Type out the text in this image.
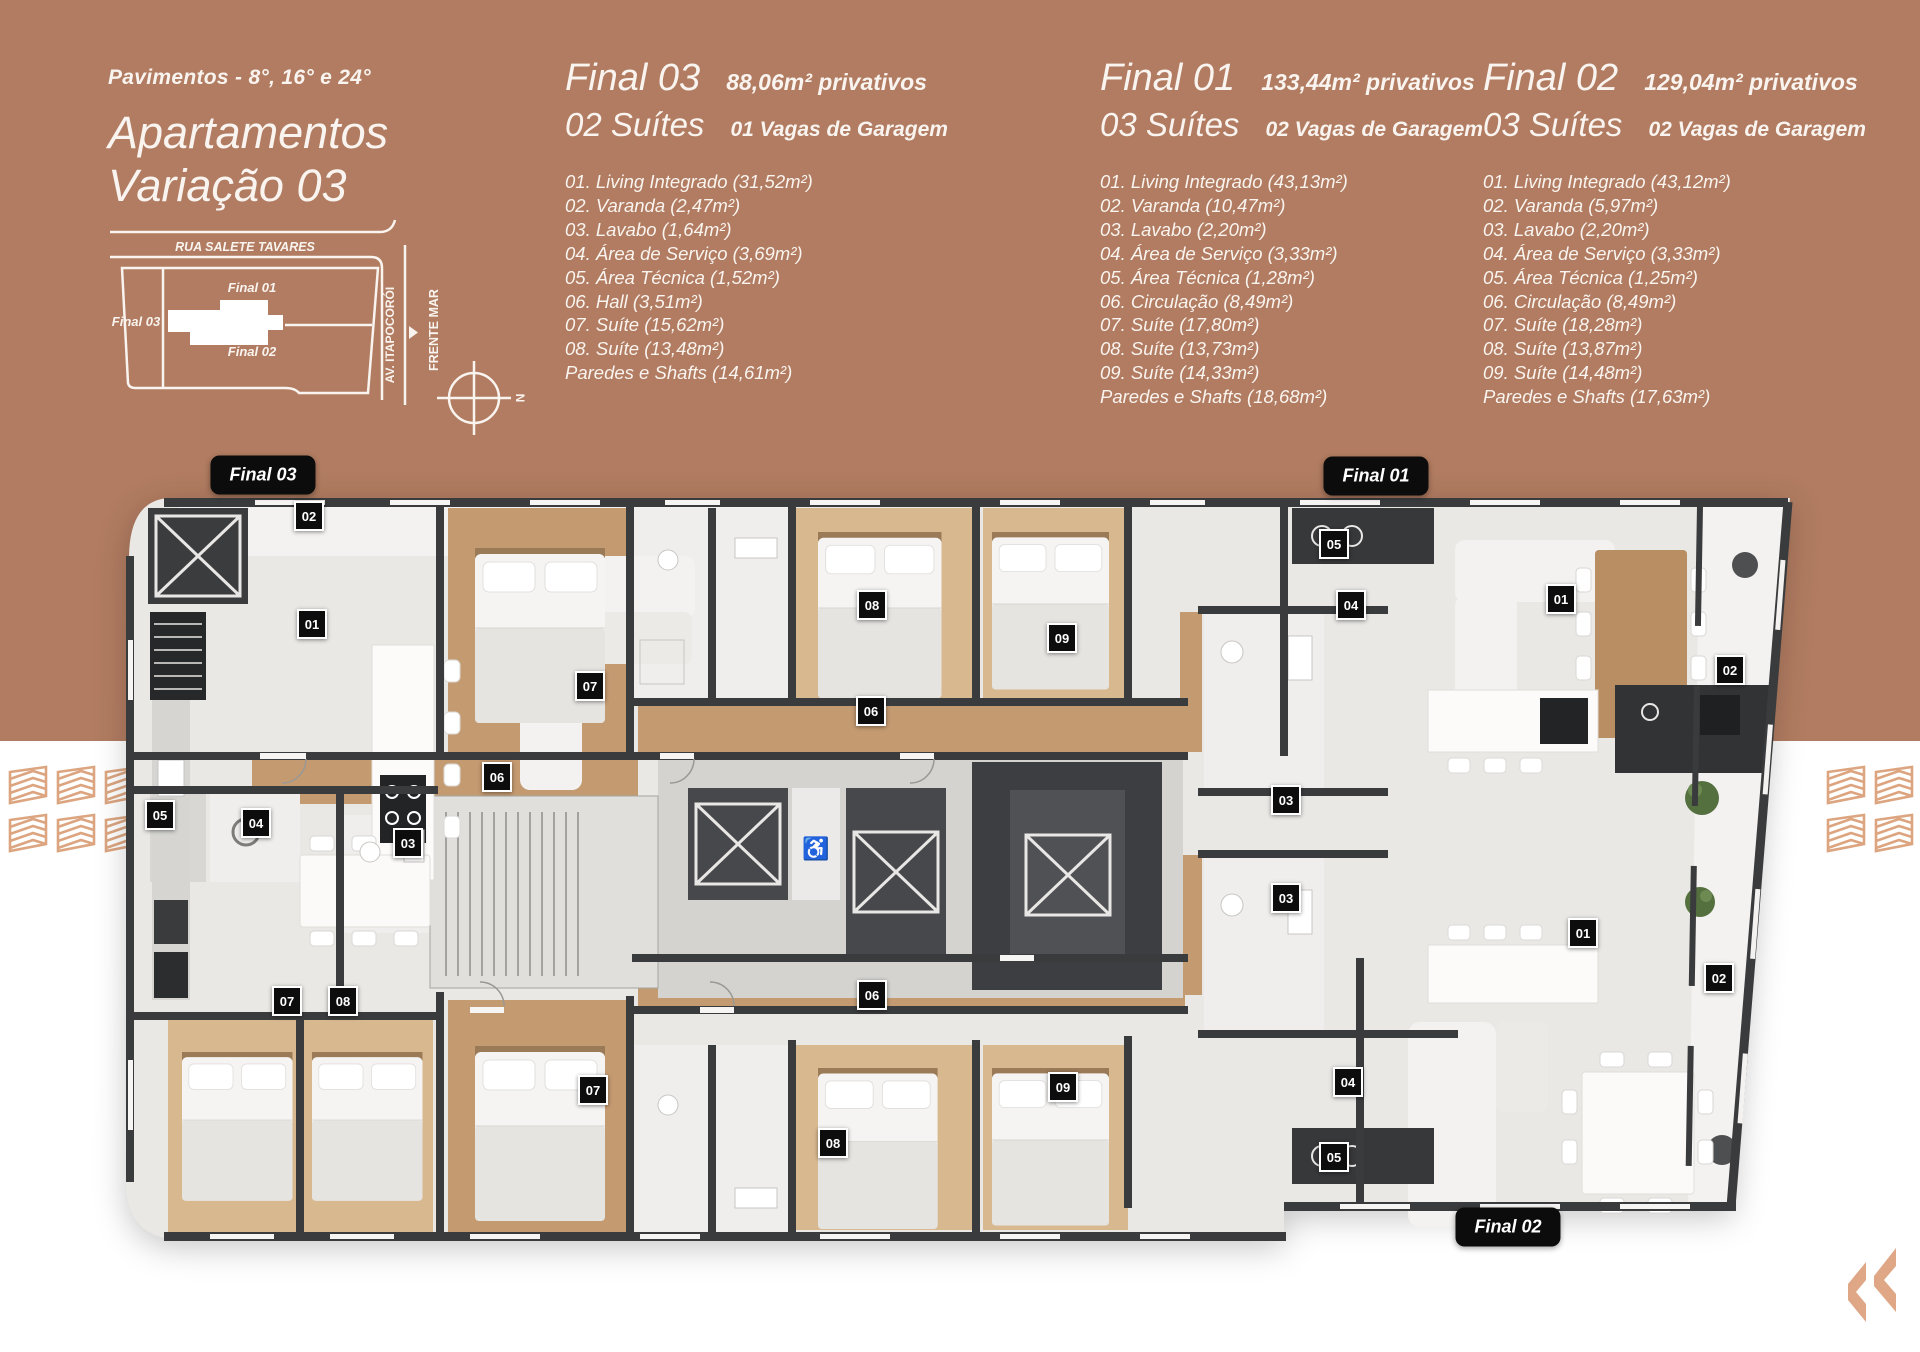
♿
02
01
07
08
06
09
05
04	01
02
06
05
04
03
03
03
01
02
07	08	06
07	09	04
08
05
Final 03	Final 01
Final 02
Pavimentos - 8°, 16° e 24°
Apartamentos
Variação 03
RUA SALETE TAVARES
Final 01
Final 03
Final 02	AV. ITAPOCORÓI FRENTE MAR
N
Final 03 88,06m² privativos
02 Suítes 01 Vagas de Garagem
01. Living Integrado (31,52m²)
02. Varanda (2,47m²)
03. Lavabo (1,64m²)
04. Área de Serviço (3,69m²)
05. Área Técnica (1,52m²)
06. Hall (3,51m²)
07. Suíte (15,62m²)
08. Suíte (13,48m²)
Paredes e Shafts (14,61m²)
Final 01 133,44m² privativos
03 Suítes 02 Vagas de Garagem
01. Living Integrado (43,13m²)
02. Varanda (10,47m²)
03. Lavabo (2,20m²)
04. Área de Serviço (3,33m²)
05. Área Técnica (1,28m²)
06. Circulação (8,49m²)
07. Suíte (17,80m²)
08. Suíte (13,73m²)
09. Suíte (14,33m²)
Paredes e Shafts (18,68m²)
Final 02 129,04m² privativos
03 Suítes 02 Vagas de Garagem
01. Living Integrado (43,12m²)
02. Varanda (5,97m²)
03. Lavabo (2,20m²)
04. Área de Serviço (3,33m²)
05. Área Técnica (1,25m²)
06. Circulação (8,49m²)
07. Suíte (18,28m²)
08. Suíte (13,87m²)
09. Suíte (14,48m²)
Paredes e Shafts (17,63m²)
